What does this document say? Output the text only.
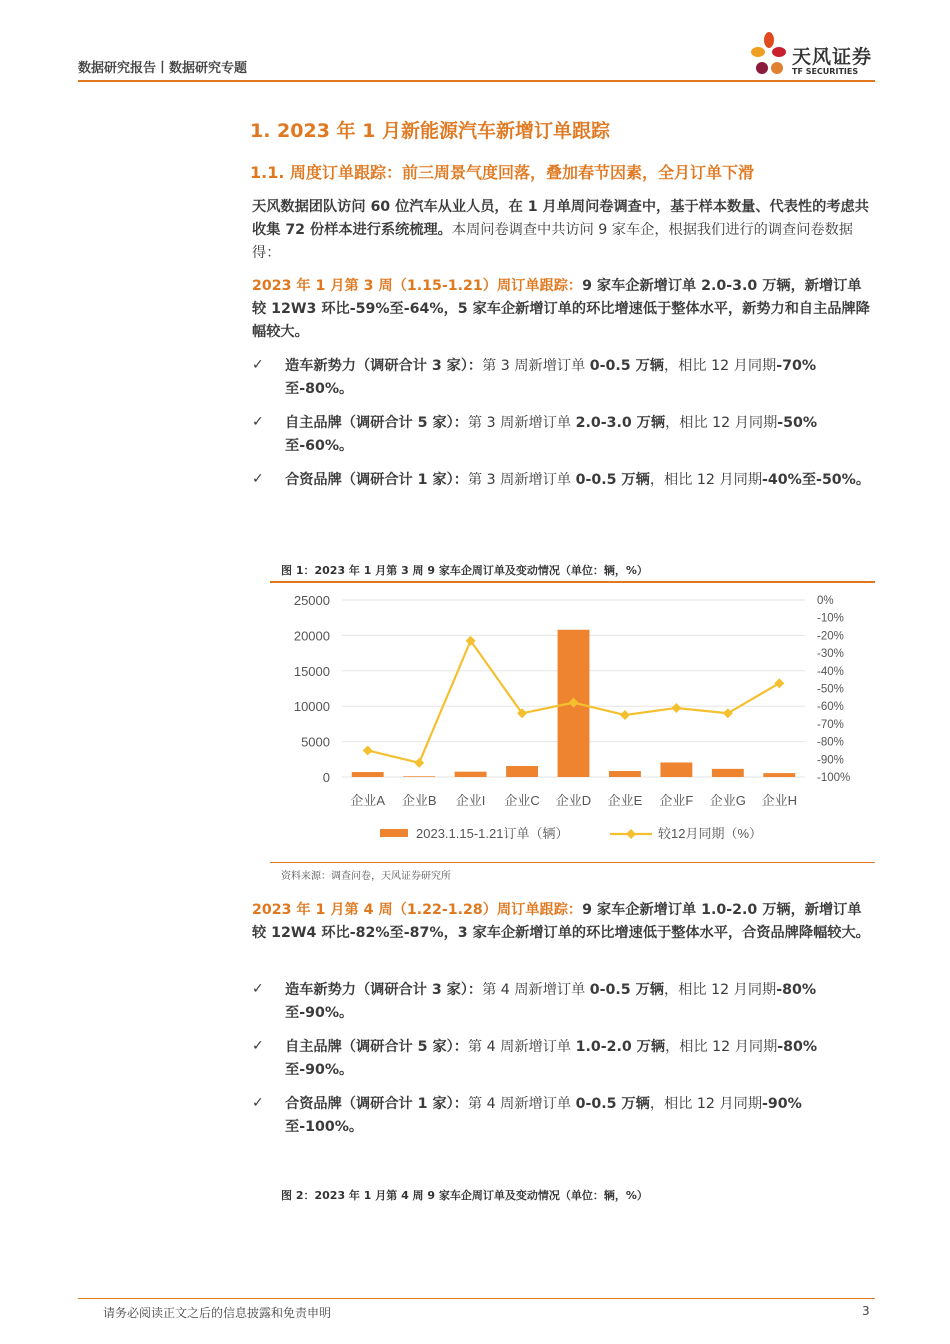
数据研究报告丨数据研究专题
天风证券
TF SECURITIES
1. 2023 年 1 月新能源汽车新增订单跟踪
1.1. 周度订单跟踪：前三周景气度回落，叠加春节因素，全月订单下滑

天风数据团队访问 60 位汽车从业人员，在 1 月单周问卷调查中，基于样本数量、代表性的考虑共收集 72 份样本进行系统梳理。本周问卷调查中共访问 9 家车企，根据我们进行的调查问卷数据得：

2023 年 1 月第 3 周（1.15-1.21）周订单跟踪：9 家车企新增订单 2.0-3.0 万辆，新增订单较 12W3 环比-59%至-64%，5 家车企新增订单的环比增速低于整体水平，新势力和自主品牌降幅较大。

✓ 造车新势力（调研合计 3 家）：第 3 周新增订单 0-0.5 万辆，相比 12 月同期-70%至-80%。
✓ 自主品牌（调研合计 5 家）：第 3 周新增订单 2.0-3.0 万辆，相比 12 月同期-50%至-60%。
✓ 合资品牌（调研合计 1 家）：第 3 周新增订单 0-0.5 万辆，相比 12 月同期-40%至-50%。
图 1：2023 年 1 月第 3 周 9 家车企周订单及变动情况（单位：辆，%）
25000
20000
15000
10000
5000
0
0%
-10%
-20%
-30%
-40%
-50%
-60%
-70%
-80%
-90%
-100%
企业A 企业B 企业I 企业C 企业D 企业E 企业F 企业G 企业H
2023.1.15-1.21订单（辆）	较12月同期（%）
资料来源：调查问卷，天风证券研究所

2023 年 1 月第 4 周（1.22-1.28）周订单跟踪：9 家车企新增订单 1.0-2.0 万辆，新增订单较 12W4 环比-82%至-87%，3 家车企新增订单的环比增速低于整体水平，合资品牌降幅较大。

✓ 造车新势力（调研合计 3 家）：第 4 周新增订单 0-0.5 万辆，相比 12 月同期-80%至-90%。
✓ 自主品牌（调研合计 5 家）：第 4 周新增订单 1.0-2.0 万辆，相比 12 月同期-80%至-90%。
✓ 合资品牌（调研合计 1 家）：第 4 周新增订单 0-0.5 万辆，相比 12 月同期-90%至-100%。
图 2：2023 年 1 月第 4 周 9 家车企周订单及变动情况（单位：辆，%）
请务必阅读正文之后的信息披露和免责申明	3
